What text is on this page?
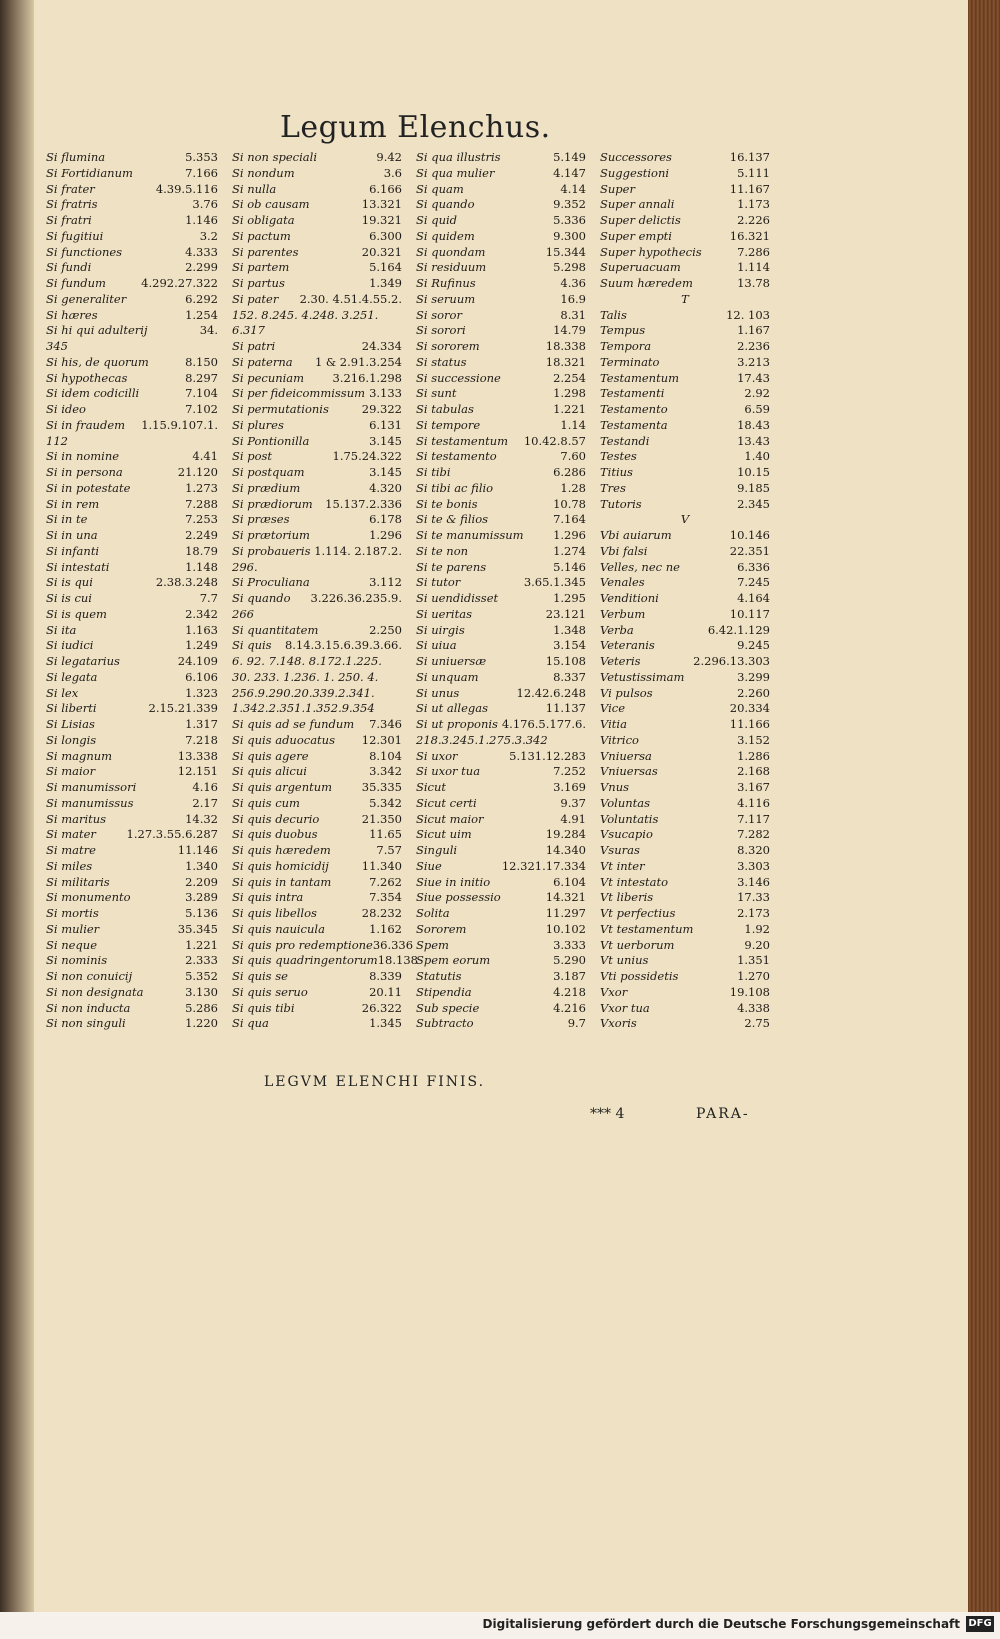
Legum Elenchus.
Si flumina	5.353
Si Fortidianum	7.166
Si frater	4.39.5.116
Si fratris	3.76
Si fratri	1.146
Si fugitiui	3.2
Si functiones	4.333
Si fundi	2.299
Si fundum	4.292.27.322
Si generaliter	6.292
Si hæres	1.254
Si hi qui adulterij	34.
345
Si his, de quorum	8.150
Si hypothecas	8.297
Si idem codicilli	7.104
Si ideo	7.102
Si in fraudem 1.15.9.107.1.
112
Si in nomine	4.41
Si in persona	21.120
Si in potestate	1.273
Si in rem	7.288
Si in te	7.253
Si in una	2.249
Si infanti	18.79
Si intestati	1.148
Si is qui	2.38.3.248
Si is cui	7.7
Si is quem	2.342
Si ita	1.163
Si iudici	1.249
Si legatarius	24.109
Si legata	6.106
Si lex	1.323
Si liberti	2.15.21.339
Si Lisias	1.317
Si longis	7.218
Si magnum	13.338
Si maior	12.151
Si manumissori	4.16
Si manumissus	2.17
Si maritus	14.32
Si mater	1.27.3.55.6.287
Si matre	11.146
Si miles	1.340
Si militaris	2.209
Si monumento	3.289
Si mortis	5.136
Si mulier	35.345
Si neque	1.221
Si nominis	2.333
Si non conuicij	5.352
Si non designata	3.130
Si non inducta	5.286
Si non singuli	1.220
Si non speciali	9.42
Si nondum	3.6
Si nulla	6.166
Si ob causam	13.321
Si obligata	19.321
Si pactum	6.300
Si parentes	20.321
Si partem	5.164
Si partus	1.349
Si pater 2.30. 4.51.4.55.2.
152. 8.245. 4.248. 3.251.
6.317
Si patri	24.334
Si paterna 1 & 2.91.3.254
Si pecuniam 3.216.1.298
Si per fideicommissum 3.133
Si permutationis	29.322
Si plures	6.131
Si Pontionilla	3.145
Si post	1.75.24.322
Si postquam	3.145
Si prædium	4.320
Si prædiorum 15.137.2.336
Si præses	6.178
Si prætorium	1.296
Si probaueris 1.114. 2.187.2.
296.
Si Proculiana	3.112
Si quando 3.226.36.235.9.
266
Si quantitatem	2.250
Si quis 8.14.3.15.6.39.3.66.
6. 92. 7.148. 8.172.1.225.
30. 233. 1.236. 1. 250. 4.
256.9.290.20.339.2.341.
1.342.2.351.1.352.9.354
Si quis ad se fundum 7.346
Si quis aduocatus 12.301
Si quis agere	8.104
Si quis alicui	3.342
Si quis argentum	35.335
Si quis cum	5.342
Si quis decurio	21.350
Si quis duobus	11.65
Si quis hæredem	7.57
Si quis homicidij	11.340
Si quis in tantam	7.262
Si quis intra	7.354
Si quis libellos	28.232
Si quis nauicula	1.162
Si quis pro redemptione 36.336
Si quis quadringentorum 18.138
Si quis se	8.339
Si quis seruo	20.11
Si quis tibi	26.322
Si qua	1.345
Si qua illustris	5.149
Si qua mulier	4.147
Si quam	4.14
Si quando	9.352
Si quid	5.336
Si quidem	9.300
Si quondam	15.344
Si residuum	5.298
Si Rufinus	4.36
Si seruum	16.9
Si soror	8.31
Si sorori	14.79
Si sororem	18.338
Si status	18.321
Si successione	2.254
Si sunt	1.298
Si tabulas	1.221
Si tempore	1.14
Si testamentum 10.42.8.57
Si testamento	7.60
Si tibi	6.286
Si tibi ac filio	1.28
Si te bonis	10.78
Si te & filios	7.164
Si te manumissum	1.296
Si te non	1.274
Si te parens	5.146
Si tutor	3.65.1.345
Si uendidisset	1.295
Si ueritas	23.121
Si uirgis	1.348
Si uiua	3.154
Si uniuersæ	15.108
Si unquam	8.337
Si unus	12.42.6.248
Si ut allegas	11.137
Si ut proponis 4.176.5.177.6.
218.3.245.1.275.3.342
Si uxor	5.131.12.283
Si uxor tua	7.252
Sicut	3.169
Sicut certi	9.37
Sicut maior	4.91
Sicut uim	19.284
Singuli	14.340
Siue	12.321.17.334
Siue in initio	6.104
Siue possessio	14.321
Solita	11.297
Sororem	10.102
Spem	3.333
Spem eorum	5.290
Statutis	3.187
Stipendia	4.218
Sub specie	4.216
Subtracto	9.7
Successores	16.137
Suggestioni	5.111
Super	11.167
Super annali	1.173
Super delictis	2.226
Super empti	16.321
Super hypothecis	7.286
Superuacuam	1.114
Suum hæredem	13.78
T
Talis	12. 103
Tempus	1.167
Tempora	2.236
Terminato	3.213
Testamentum	17.43
Testamenti	2.92
Testamento	6.59
Testamenta	18.43
Testandi	13.43
Testes	1.40
Titius	10.15
Tres	9.185
Tutoris	2.345
V
Vbi auiarum	10.146
Vbi falsi	22.351
Velles, nec ne	6.336
Venales	7.245
Venditioni	4.164
Verbum	10.117
Verba	6.42.1.129
Veteranis	9.245
Veteris	2.296.13.303
Vetustissimam	3.299
Vi pulsos	2.260
Vice	20.334
Vitia	11.166
Vitrico	3.152
Vniuersa	1.286
Vniuersas	2.168
Vnus	3.167
Voluntas	4.116
Voluntatis	7.117
Vsucapio	7.282
Vsuras	8.320
Vt inter	3.303
Vt intestato	3.146
Vt liberis	17.33
Vt perfectius	2.173
Vt testamentum	1.92
Vt uerborum	9.20
Vt unius	1.351
Vti possidetis	1.270
Vxor	19.108
Vxor tua	4.338
Vxoris	2.75
LEGVM ELENCHI FINIS.
*** 4	PARA-
Digitalisierung gefördert durch die Deutsche Forschungsgemeinschaft DFG
